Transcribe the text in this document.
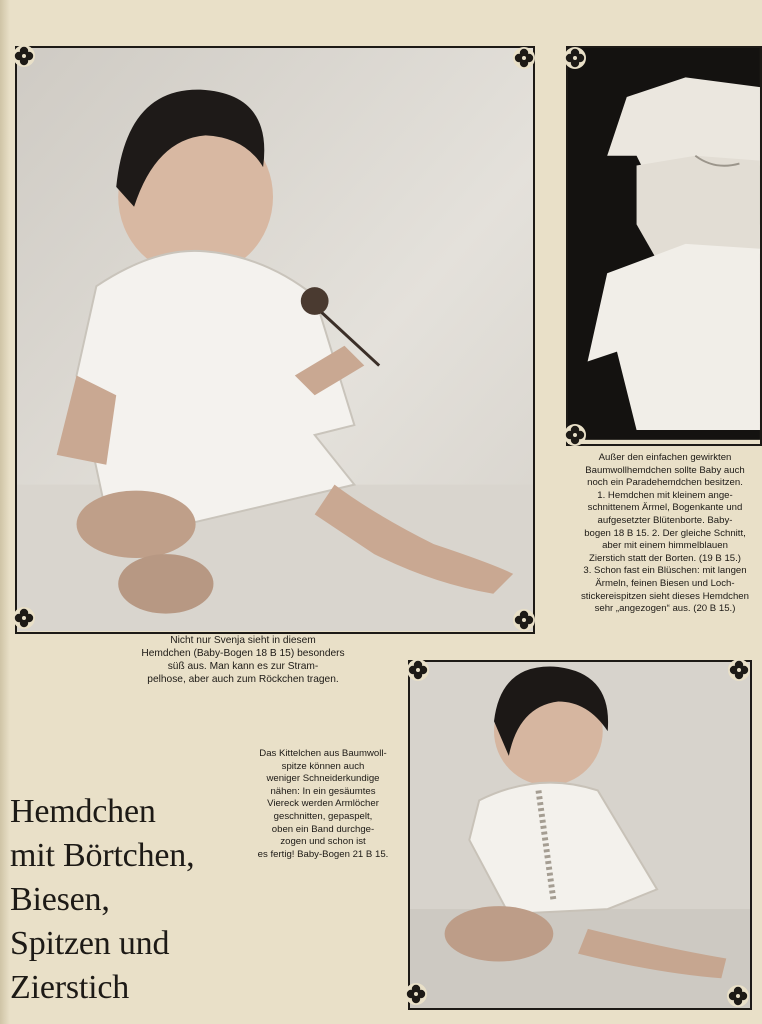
Außer den einfachen gewirkten
Baumwollhemdchen sollte Baby auch
noch ein Paradehemdchen besitzen.
1. Hemdchen mit kleinem ange-
schnittenem Ärmel, Bogenkante und
aufgesetzter Blütenborte. Baby-
bogen 18 B 15. 2. Der gleiche Schnitt,
aber mit einem himmelblauen
Zierstich statt der Borten. (19 B 15.)
3. Schon fast ein Blüschen: mit langen
Ärmeln, feinen Biesen und Loch-
stickereispitzen sieht dieses Hemdchen
sehr „angezogen“ aus. (20 B 15.)
Nicht nur Svenja sieht in diesem
Hemdchen (Baby-Bogen 18 B 15) besonders
süß aus. Man kann es zur Stram-
pelhose, aber auch zum Röckchen tragen.
Das Kittelchen aus Baumwoll-
spitze können auch
weniger Schneiderkundige
nähen: In ein gesäumtes
Viereck werden Armlöcher
geschnitten, gepaspelt,
oben ein Band durchge-
zogen und schon ist
es fertig! Baby-Bogen 21 B 15.
Hemdchen
mit Börtchen,
Biesen,
Spitzen und
Zierstich
